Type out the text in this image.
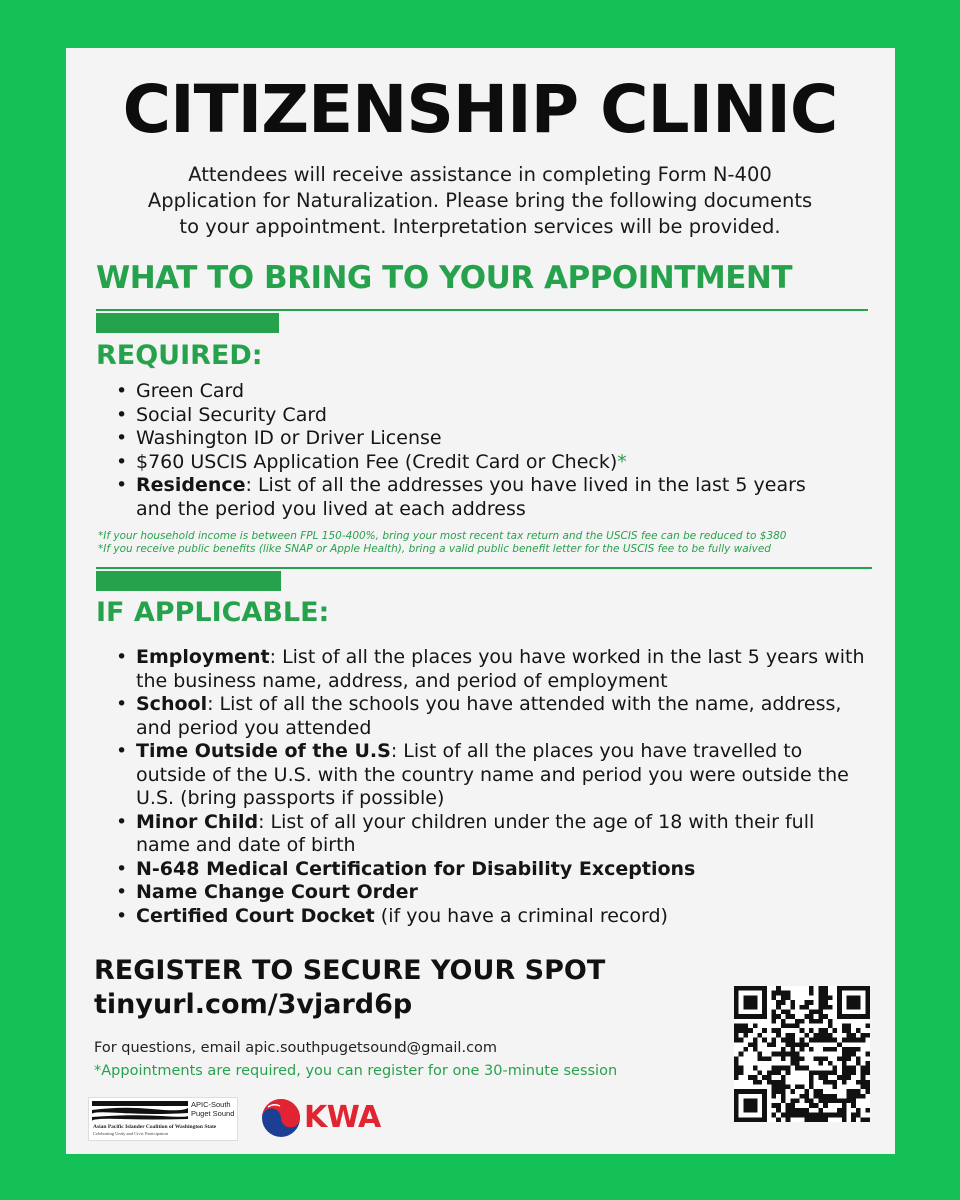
CITIZENSHIP CLINIC
Attendees will receive assistance in completing Form N-400
Application for Naturalization. Please bring the following documents
to your appointment. Interpretation services will be provided.
WHAT TO BRING TO YOUR APPOINTMENT
REQUIRED:
• Green Card
• Social Security Card
• Washington ID or Driver License
• $760 USCIS Application Fee (Credit Card or Check)*
• Residence: List of all the addresses you have lived in the last 5 years and the period you lived at each address
*If your household income is between FPL 150-400%, bring your most recent tax return and the USCIS fee can be reduced to $380
*If you receive public benefits (like SNAP or Apple Health), bring a valid public benefit letter for the USCIS fee to be fully waived
IF APPLICABLE:
• Employment: List of all the places you have worked in the last 5 years with the business name, address, and period of employment
• School: List of all the schools you have attended with the name, address, and period you attended
• Time Outside of the U.S: List of all the places you have travelled to outside of the U.S. with the country name and period you were outside the U.S. (bring passports if possible)
• Minor Child: List of all your children under the age of 18 with their full name and date of birth
• N-648 Medical Certification for Disability Exceptions
• Name Change Court Order
• Certified Court Docket (if you have a criminal record)
REGISTER TO SECURE YOUR SPOT
tinyurl.com/3vjard6p
For questions, email apic.southpugetsound@gmail.com
*Appointments are required, you can register for one 30-minute session
APIC-South Puget Sound
Asian Pacific Islander Coalition of Washington State
Celebrating Unity and Civic Participation	KWA
